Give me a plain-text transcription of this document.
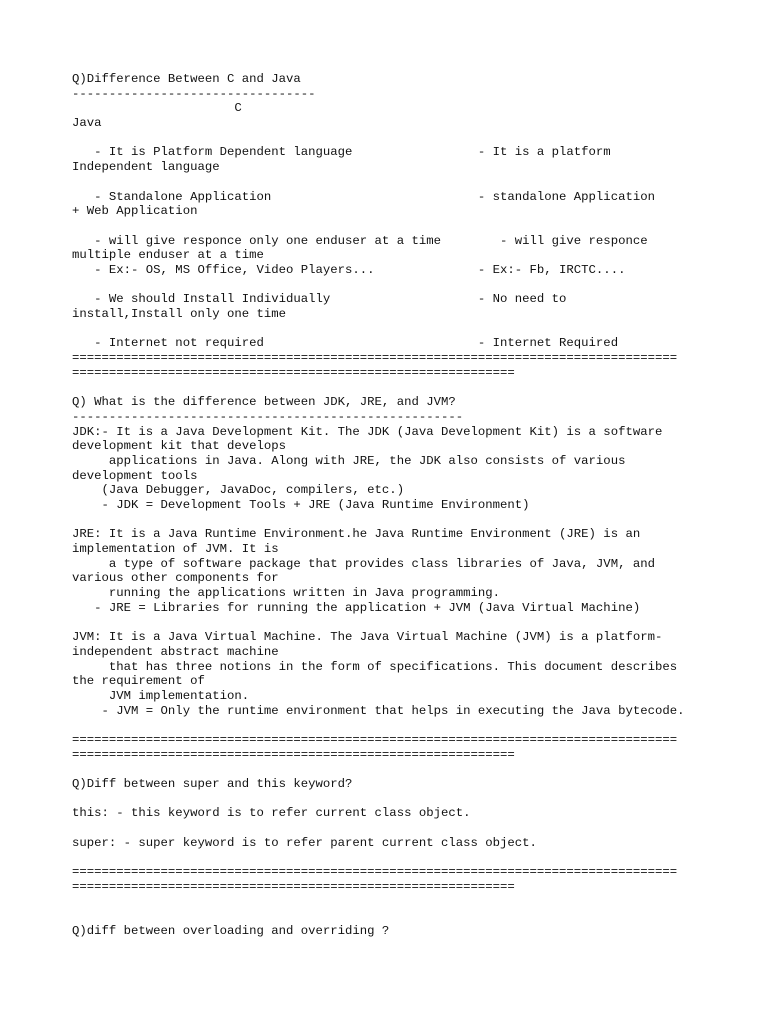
Q)Difference Between C and Java
---------------------------------
C
Java
- It is Platform Dependent language                 - It is a platform
Independent language
- Standalone Application                            - standalone Application
+ Web Application
- will give responce only one enduser at a time        - will give responce
multiple enduser at a time
- Ex:- OS, MS Office, Video Players...              - Ex:- Fb, IRCTC....
- We should Install Individually                    - No need to
install,Install only one time
- Internet not required                             - Internet Required
==================================================================================
============================================================
Q) What is the difference between JDK, JRE, and JVM?
-----------------------------------------------------
JDK:- It is a Java Development Kit. The JDK (Java Development Kit) is a software
development kit that develops
applications in Java. Along with JRE, the JDK also consists of various
development tools
(Java Debugger, JavaDoc, compilers, etc.)
- JDK = Development Tools + JRE (Java Runtime Environment)
JRE: It is a Java Runtime Environment.he Java Runtime Environment (JRE) is an
implementation of JVM. It is
a type of software package that provides class libraries of Java, JVM, and
various other components for
running the applications written in Java programming.
- JRE = Libraries for running the application + JVM (Java Virtual Machine)
JVM: It is a Java Virtual Machine. The Java Virtual Machine (JVM) is a platform-
independent abstract machine
that has three notions in the form of specifications. This document describes
the requirement of
JVM implementation.
- JVM = Only the runtime environment that helps in executing the Java bytecode.
==================================================================================
============================================================
Q)Diff between super and this keyword?
this: - this keyword is to refer current class object.
super: - super keyword is to refer parent current class object.
==================================================================================
============================================================
Q)diff between overloading and overriding ?
